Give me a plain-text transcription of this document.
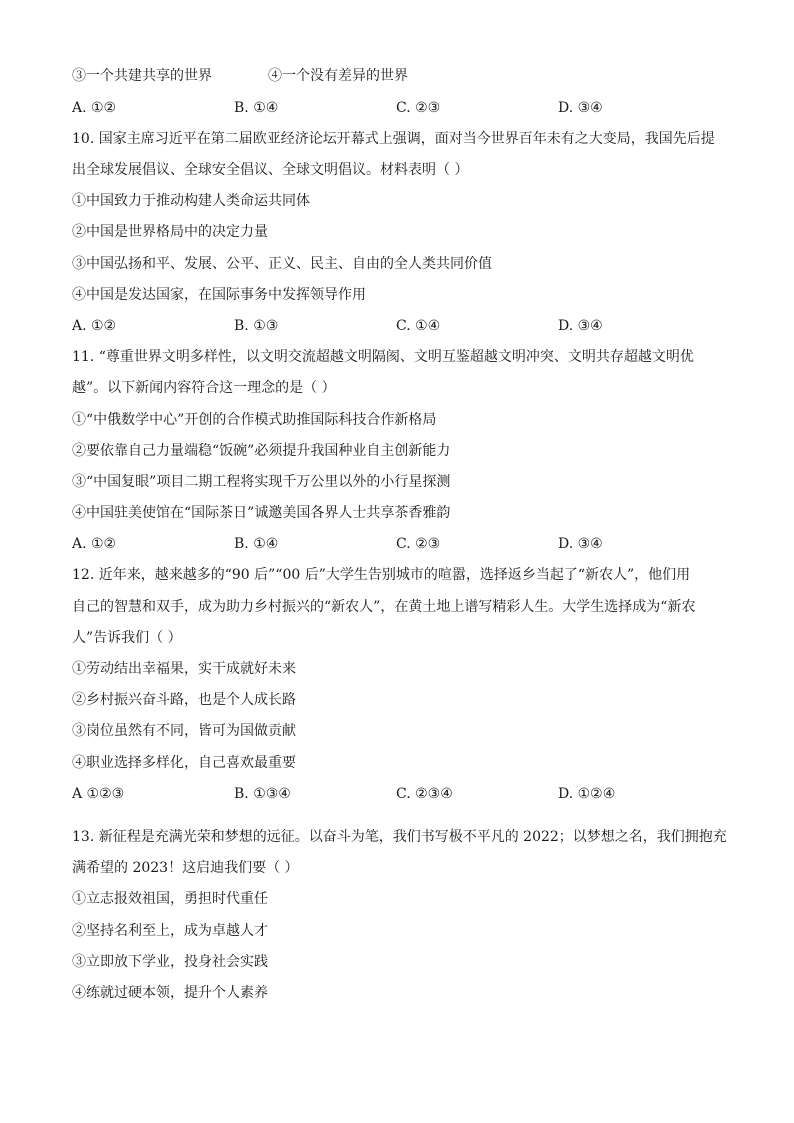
③一个共建共享的世界	④一个没有差异的世界
A. ①②	B. ①④	C. ②③	D. ③④
10. 国家主席习近平在第二届欧亚经济论坛开幕式上强调，面对当今世界百年未有之大变局，我国先后提
出全球发展倡议、全球安全倡议、全球文明倡议。材料表明（ ）
①中国致力于推动构建人类命运共同体
②中国是世界格局中的决定力量
③中国弘扬和平、发展、公平、正义、民主、自由的全人类共同价值
④中国是发达国家，在国际事务中发挥领导作用
A. ①②	B. ①③	C. ①④	D. ③④
11. “尊重世界文明多样性，以文明交流超越文明隔阂、文明互鉴超越文明冲突、文明共存超越文明优
越”。以下新闻内容符合这一理念的是（ ）
①“中俄数学中心”开创的合作模式助推国际科技合作新格局
②要依靠自己力量端稳“饭碗”必须提升我国种业自主创新能力
③“中国复眼”项目二期工程将实现千万公里以外的小行星探测
④中国驻美使馆在“国际茶日”诚邀美国各界人士共享茶香雅韵
A. ①②	B. ①④	C. ②③	D. ③④
12. 近年来，越来越多的“90 后”“00 后”大学生告别城市的喧嚣，选择返乡当起了“新农人”，他们用
自己的智慧和双手，成为助力乡村振兴的“新农人”，在黄土地上谱写精彩人生。大学生选择成为“新农
人”告诉我们（ ）
①劳动结出幸福果，实干成就好未来
②乡村振兴奋斗路，也是个人成长路
③岗位虽然有不同，皆可为国做贡献
④职业选择多样化，自己喜欢最重要
A ①②③	B. ①③④	C. ②③④	D. ①②④
13. 新征程是充满光荣和梦想的远征。以奋斗为笔，我们书写极不平凡的 2022；以梦想之名，我们拥抱充
满希望的 2023！这启迪我们要（ ）
①立志报效祖国，勇担时代重任
②坚持名利至上，成为卓越人才
③立即放下学业，投身社会实践
④练就过硬本领，提升个人素养
